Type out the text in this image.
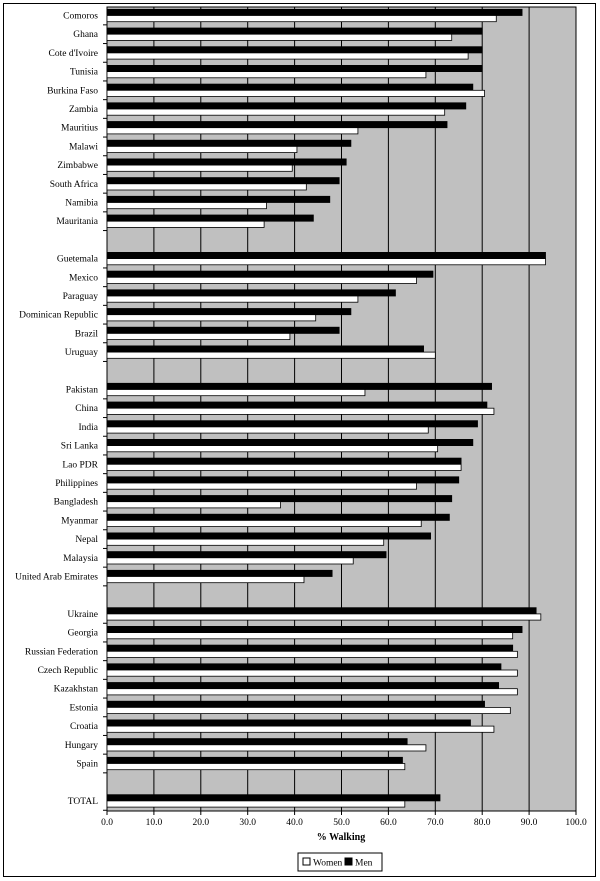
Comoros
Ghana
Cote d'Ivoire
Tunisia
Burkina Faso
Zambia
Mauritius
Malawi
Zimbabwe
South Africa
Namibia
Mauritania
Guetemala
Mexico
Paraguay
Dominican Republic
Brazil
Uruguay
Pakistan
China
India
Sri Lanka
Lao PDR
Philippines
Bangladesh
Myanmar
Nepal
Malaysia
United Arab Emirates
Ukraine
Georgia
Russian Federation
Czech Republic
Kazakhstan
Estonia
Croatia
Hungary
Spain
TOTAL
0.0	10.0	20.0	30.0	40.0	50.0	60.0	70.0	80.0	90.0	100.0
% Walking
Women Men
